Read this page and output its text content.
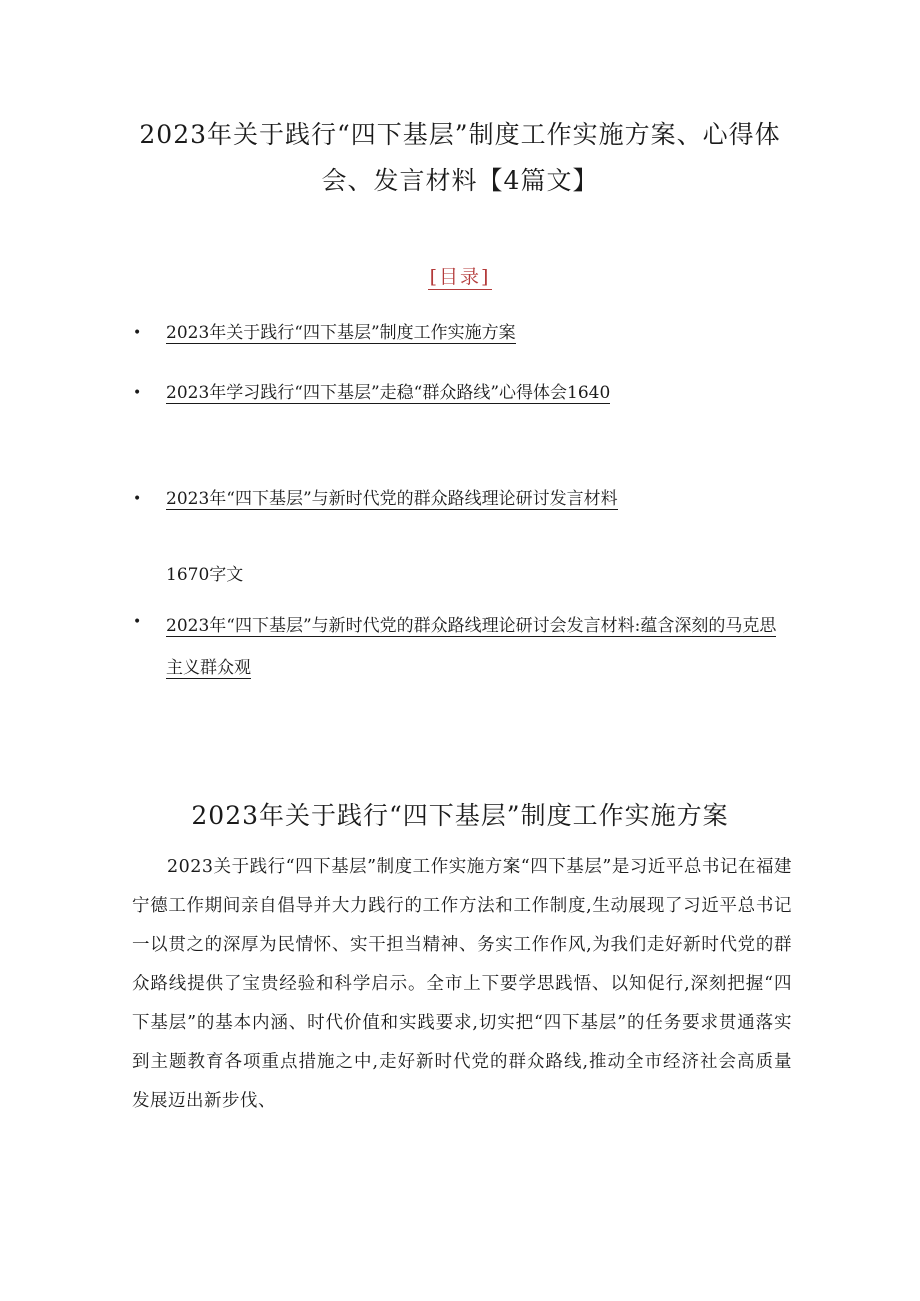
2023年关于践行“四下基层”制度工作实施方案、心得体会、发言材料【4篇文】
[目录]
• 2023年关于践行“四下基层”制度工作实施方案
• 2023年学习践行“四下基层”走稳“群众路线”心得体会1640
• 2023年“四下基层”与新时代党的群众路线理论研讨发言材料
1670字文
• 2023年“四下基层”与新时代党的群众路线理论研讨会发言材料:蕴含深刻的马克思主义群众观
2023年关于践行“四下基层”制度工作实施方案

2023关于践行“四下基层”制度工作实施方案“四下基层”是习近平总书记在福建宁德工作期间亲自倡导并大力践行的工作方法和工作制度,生动展现了习近平总书记一以贯之的深厚为民情怀、实干担当精神、务实工作作风,为我们走好新时代党的群众路线提供了宝贵经验和科学启示。全市上下要学思践悟、以知促行,深刻把握“四下基层”的基本内涵、时代价值和实践要求,切实把“四下基层”的任务要求贯通落实到主题教育各项重点措施之中,走好新时代党的群众路线,推动全市经济社会高质量发展迈出新步伐、
